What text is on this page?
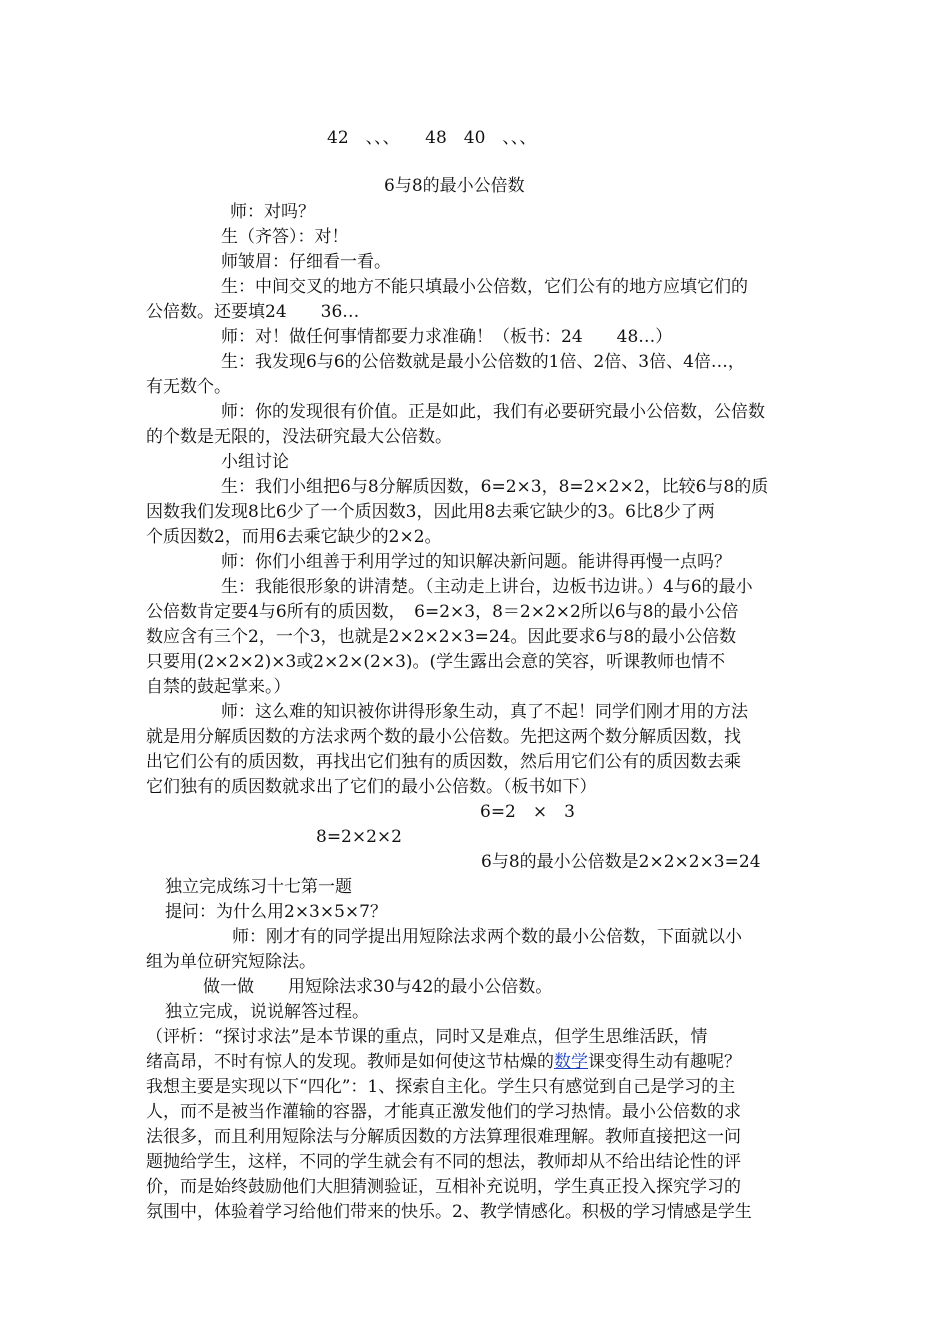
42　、、、　　48　40　、、、
6与8的最小公倍数
师：对吗？
生（齐答）：对！
师皱眉：仔细看一看。
生：中间交叉的地方不能只填最小公倍数，它们公有的地方应填它们的
公倍数。还要填24　　36…
师：对！做任何事情都要力求准确！（板书：24　　48…）
生：我发现6与6的公倍数就是最小公倍数的1倍、2倍、3倍、4倍…，
有无数个。
师：你的发现很有价值。正是如此，我们有必要研究最小公倍数，公倍数
的个数是无限的，没法研究最大公倍数。
小组讨论
生：我们小组把6与8分解质因数，6=2×3，8=2×2×2，比较6与8的质
因数我们发现8比6少了一个质因数3，因此用8去乘它缺少的3。6比8少了两
个质因数2，而用6去乘它缺少的2×2。
师：你们小组善于利用学过的知识解决新问题。能讲得再慢一点吗？
生：我能很形象的讲清楚。（主动走上讲台，边板书边讲。）4与6的最小
公倍数肯定要4与6所有的质因数，　6=2×3，8＝2×2×2所以6与8的最小公倍
数应含有三个2，一个3，也就是2×2×2×3=24。因此要求6与8的最小公倍数
只要用(2×2×2)×3或2×2×(2×3)。(学生露出会意的笑容，听课教师也情不
自禁的鼓起掌来。）
师：这么难的知识被你讲得形象生动，真了不起！同学们刚才用的方法
就是用分解质因数的方法求两个数的最小公倍数。先把这两个数分解质因数，找
出它们公有的质因数，再找出它们独有的质因数，然后用它们公有的质因数去乘
它们独有的质因数就求出了它们的最小公倍数。（板书如下）
6=2　×　3
8=2×2×2
6与8的最小公倍数是2×2×2×3=24
独立完成练习十七第一题
提问：为什么用2×3×5×7？
师：刚才有的同学提出用短除法求两个数的最小公倍数，下面就以小
组为单位研究短除法。
做一做　　用短除法求30与42的最小公倍数。
独立完成，说说解答过程。
（评析：“探讨求法”是本节课的重点，同时又是难点，但学生思维活跃，情
绪高昂，不时有惊人的发现。教师是如何使这节枯燥的数学课变得生动有趣呢？
我想主要是实现以下“四化”：1、探索自主化。学生只有感觉到自己是学习的主
人，而不是被当作灌输的容器，才能真正激发他们的学习热情。最小公倍数的求
法很多，而且利用短除法与分解质因数的方法算理很难理解。教师直接把这一问
题抛给学生，这样，不同的学生就会有不同的想法，教师却从不给出结论性的评
价，而是始终鼓励他们大胆猜测验证，互相补充说明，学生真正投入探究学习的
氛围中，体验着学习给他们带来的快乐。2、教学情感化。积极的学习情感是学生
